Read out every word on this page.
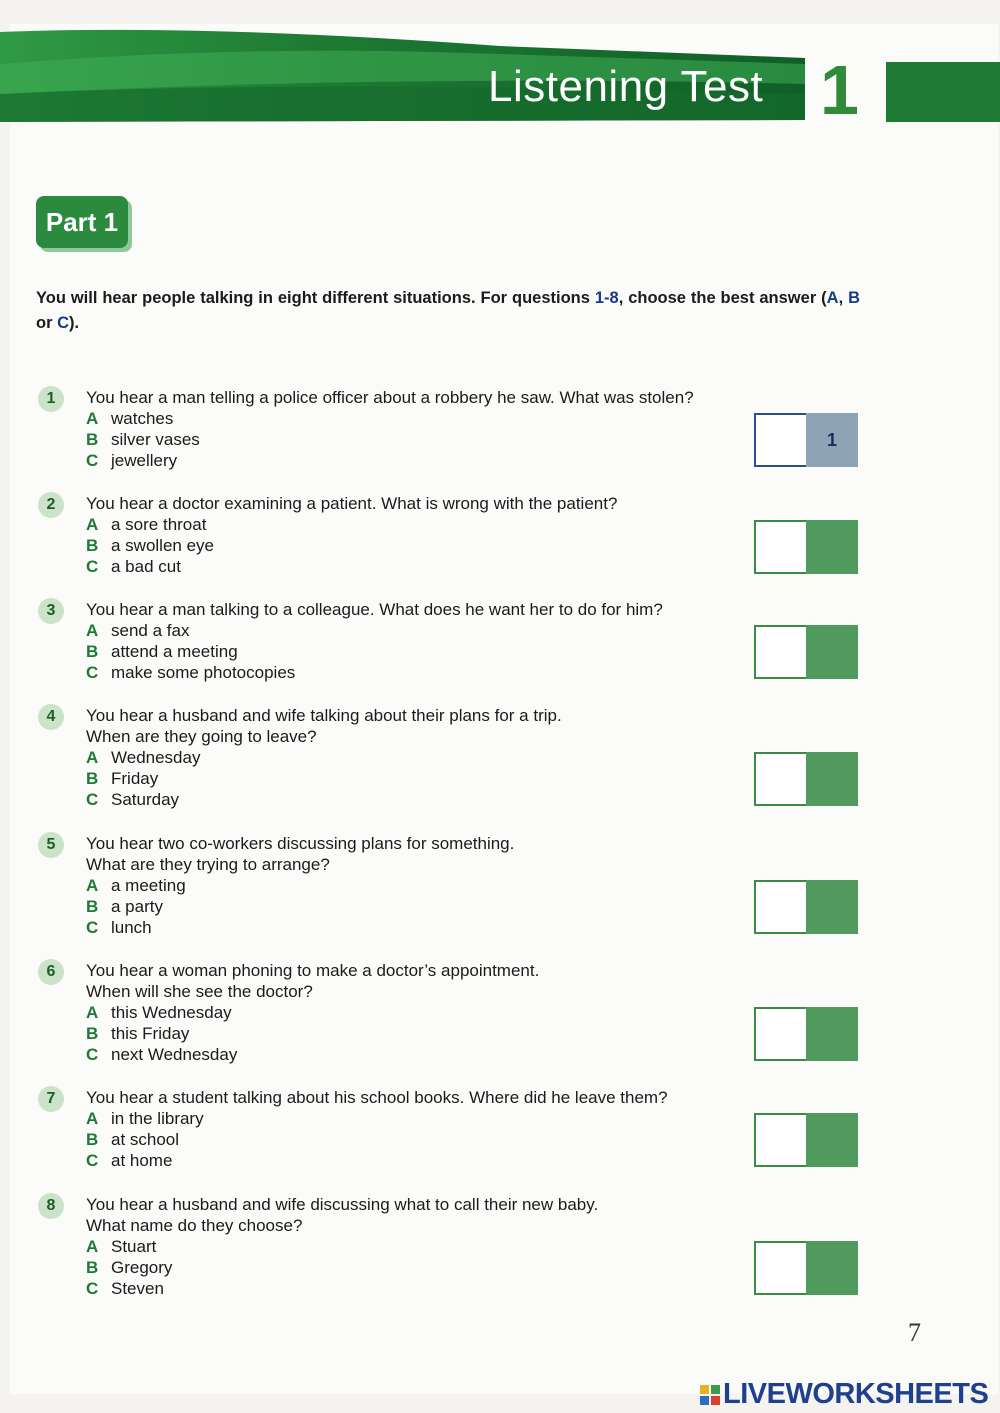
Listening Test 1
Part 1
You will hear people talking in eight different situations. For questions 1-8, choose the best answer (A, B or C).
1	You hear a man telling a police officer about a robbery he saw. What was stolen?
A watches
B silver vases
C jewellery
1
2	You hear a doctor examining a patient. What is wrong with the patient?
A a sore throat
B a swollen eye
C a bad cut
3	You hear a man talking to a colleague. What does he want her to do for him?
A send a fax
B attend a meeting
C make some photocopies
4	You hear a husband and wife talking about their plans for a trip.
When are they going to leave?
A Wednesday
B Friday
C Saturday
5	You hear two co-workers discussing plans for something.
What are they trying to arrange?
A a meeting
B a party
C lunch
6	You hear a woman phoning to make a doctor’s appointment.
When will she see the doctor?
A this Wednesday
B this Friday
C next Wednesday
7	You hear a student talking about his school books. Where did he leave them?
A in the library
B at school
C at home
8	You hear a husband and wife discussing what to call their new baby.
What name do they choose?
A Stuart
B Gregory
C Steven
7
LIVEWORKSHEETS
